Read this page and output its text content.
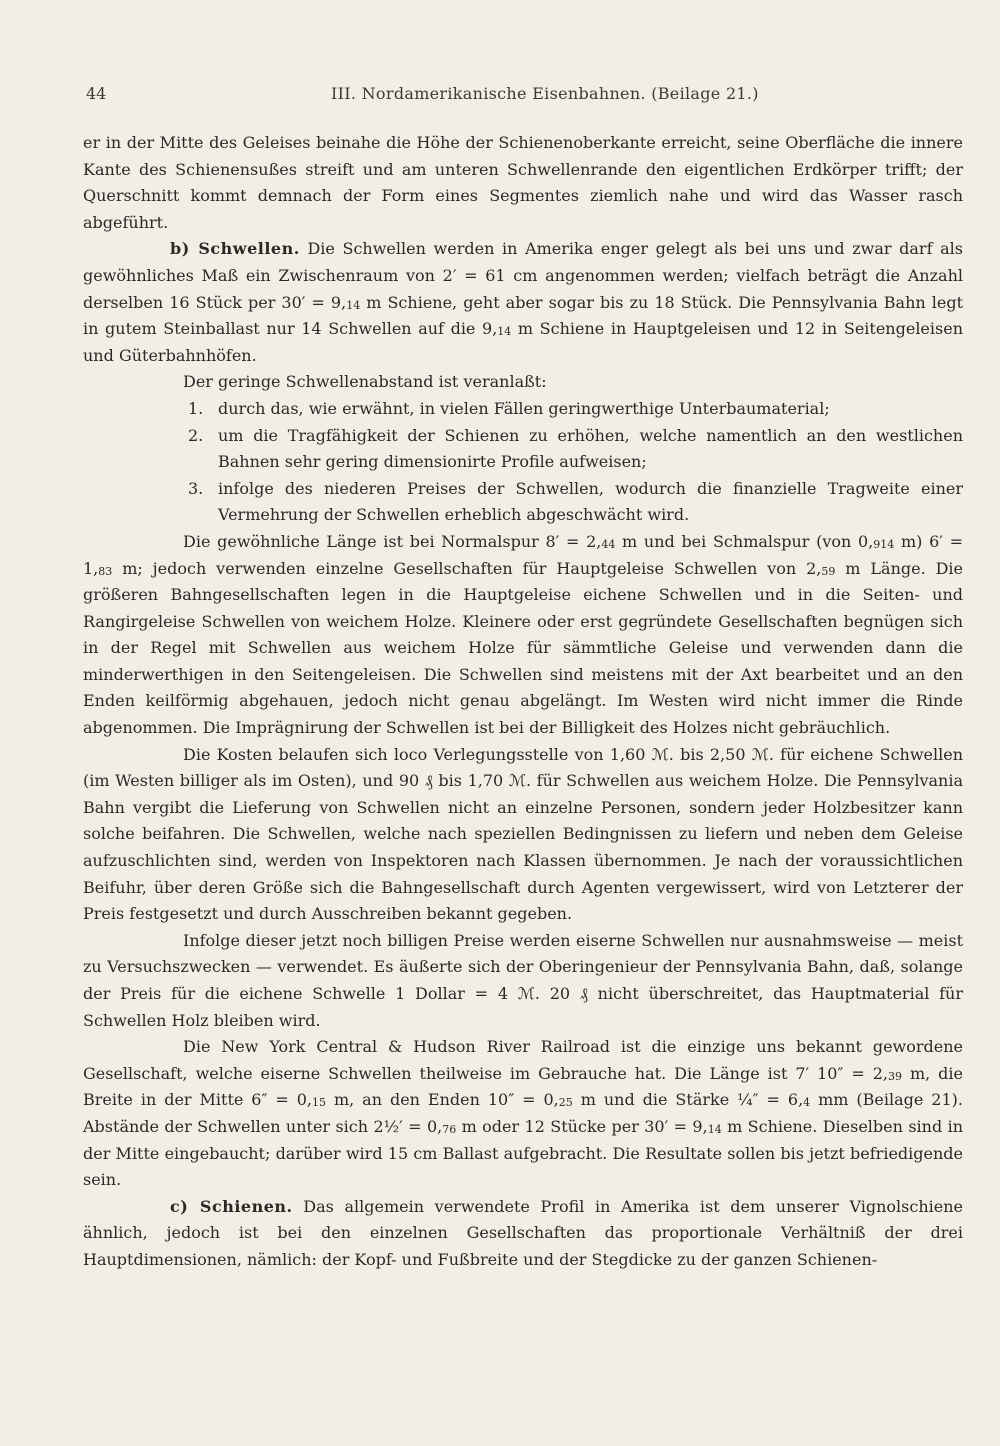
44	III. Nordamerikanische Eisenbahnen. (Beilage 21.)

er in der Mitte des Geleises beinahe die Höhe der Schienenoberkante erreicht, seine Oberfläche die innere Kante des Schienensußes streift und am unteren Schwellenrande den eigentlichen Erdkörper trifft; der Querschnitt kommt demnach der Form eines Segmentes ziemlich nahe und wird das Wasser rasch abgeführt.

b) Schwellen. Die Schwellen werden in Amerika enger gelegt als bei uns und zwar darf als gewöhnliches Maß ein Zwischenraum von 2′ = 61 cm angenommen werden; vielfach beträgt die Anzahl derselben 16 Stück per $30' = 9,_{14}$ m Schiene, geht aber sogar bis zu 18 Stück. Die Pennsylvania Bahn legt in gutem Steinballast nur 14 Schwellen auf die $9,_{14}$ m Schiene in Hauptgeleisen und 12 in Seitengeleisen und Güterbahnhöfen.

Der geringe Schwellenabstand ist veranlaßt:

1. durch das, wie erwähnt, in vielen Fällen geringwerthige Unterbaumaterial;
2. um die Tragfähigkeit der Schienen zu erhöhen, welche namentlich an den westlichen Bahnen sehr gering dimensionirte Profile aufweisen;
3. infolge des niederen Preises der Schwellen, wodurch die finanzielle Tragweite einer Vermehrung der Schwellen erheblich abgeschwächt wird.

Die gewöhnliche Länge ist bei Normalspur $8' = 2,_{44}$ m und bei Schmalspur (von $0,_{914}$ m) $6' = 1,_{83}$ m; jedoch verwenden einzelne Gesellschaften für Hauptgeleise Schwellen von $2,_{59}$ m Länge. Die größeren Bahngesellschaften legen in die Hauptgeleise eichene Schwellen und in die Seiten- und Rangirgeleise Schwellen von weichem Holze. Kleinere oder erst gegründete Gesellschaften begnügen sich in der Regel mit Schwellen aus weichem Holze für sämmtliche Geleise und verwenden dann die minderwerthigen in den Seitengeleisen. Die Schwellen sind meistens mit der Axt bearbeitet und an den Enden keilförmig abgehauen, jedoch nicht genau abgelängt. Im Westen wird nicht immer die Rinde abgenommen. Die Imprägnirung der Schwellen ist bei der Billigkeit des Holzes nicht gebräuchlich.

Die Kosten belaufen sich loco Verlegungsstelle von 1,60 ℳ. bis 2,50 ℳ. für eichene Schwellen (im Westen billiger als im Osten), und 90 ₰ bis 1,70 ℳ. für Schwellen aus weichem Holze. Die Pennsylvania Bahn vergibt die Lieferung von Schwellen nicht an einzelne Personen, sondern jeder Holzbesitzer kann solche beifahren. Die Schwellen, welche nach speziellen Bedingnissen zu liefern und neben dem Geleise aufzuschlichten sind, werden von Inspektoren nach Klassen übernommen. Je nach der voraussichtlichen Beifuhr, über deren Größe sich die Bahngesellschaft durch Agenten vergewissert, wird von Letzterer der Preis festgesetzt und durch Ausschreiben bekannt gegeben.

Infolge dieser jetzt noch billigen Preise werden eiserne Schwellen nur ausnahmsweise — meist zu Versuchszwecken — verwendet. Es äußerte sich der Oberingenieur der Pennsylvania Bahn, daß, solange der Preis für die eichene Schwelle 1 Dollar = 4 ℳ. 20 ₰ nicht überschreitet, das Hauptmaterial für Schwellen Holz bleiben wird.

Die New York Central & Hudson River Railroad ist die einzige uns bekannt gewordene Gesellschaft, welche eiserne Schwellen theilweise im Gebrauche hat. Die Länge ist 7′ $10'' = 2,_{39}$ m, die Breite in der Mitte $6'' = 0,_{15}$ m, an den Enden $10'' = 0,_{25}$ m und die Stärke ¼″ = $6,_4$ mm (Beilage 21). Abstände der Schwellen unter sich 2½′ = $0,_{76}$ m oder 12 Stücke per $30' = 9,_{14}$ m Schiene. Dieselben sind in der Mitte eingebaucht; darüber wird 15 cm Ballast aufgebracht. Die Resultate sollen bis jetzt befriedigende sein.

c) Schienen. Das allgemein verwendete Profil in Amerika ist dem unserer Vignolschiene ähnlich, jedoch ist bei den einzelnen Gesellschaften das proportionale Verhältniß der drei Hauptdimensionen, nämlich: der Kopf- und Fußbreite und der Stegdicke zu der ganzen Schienen-
